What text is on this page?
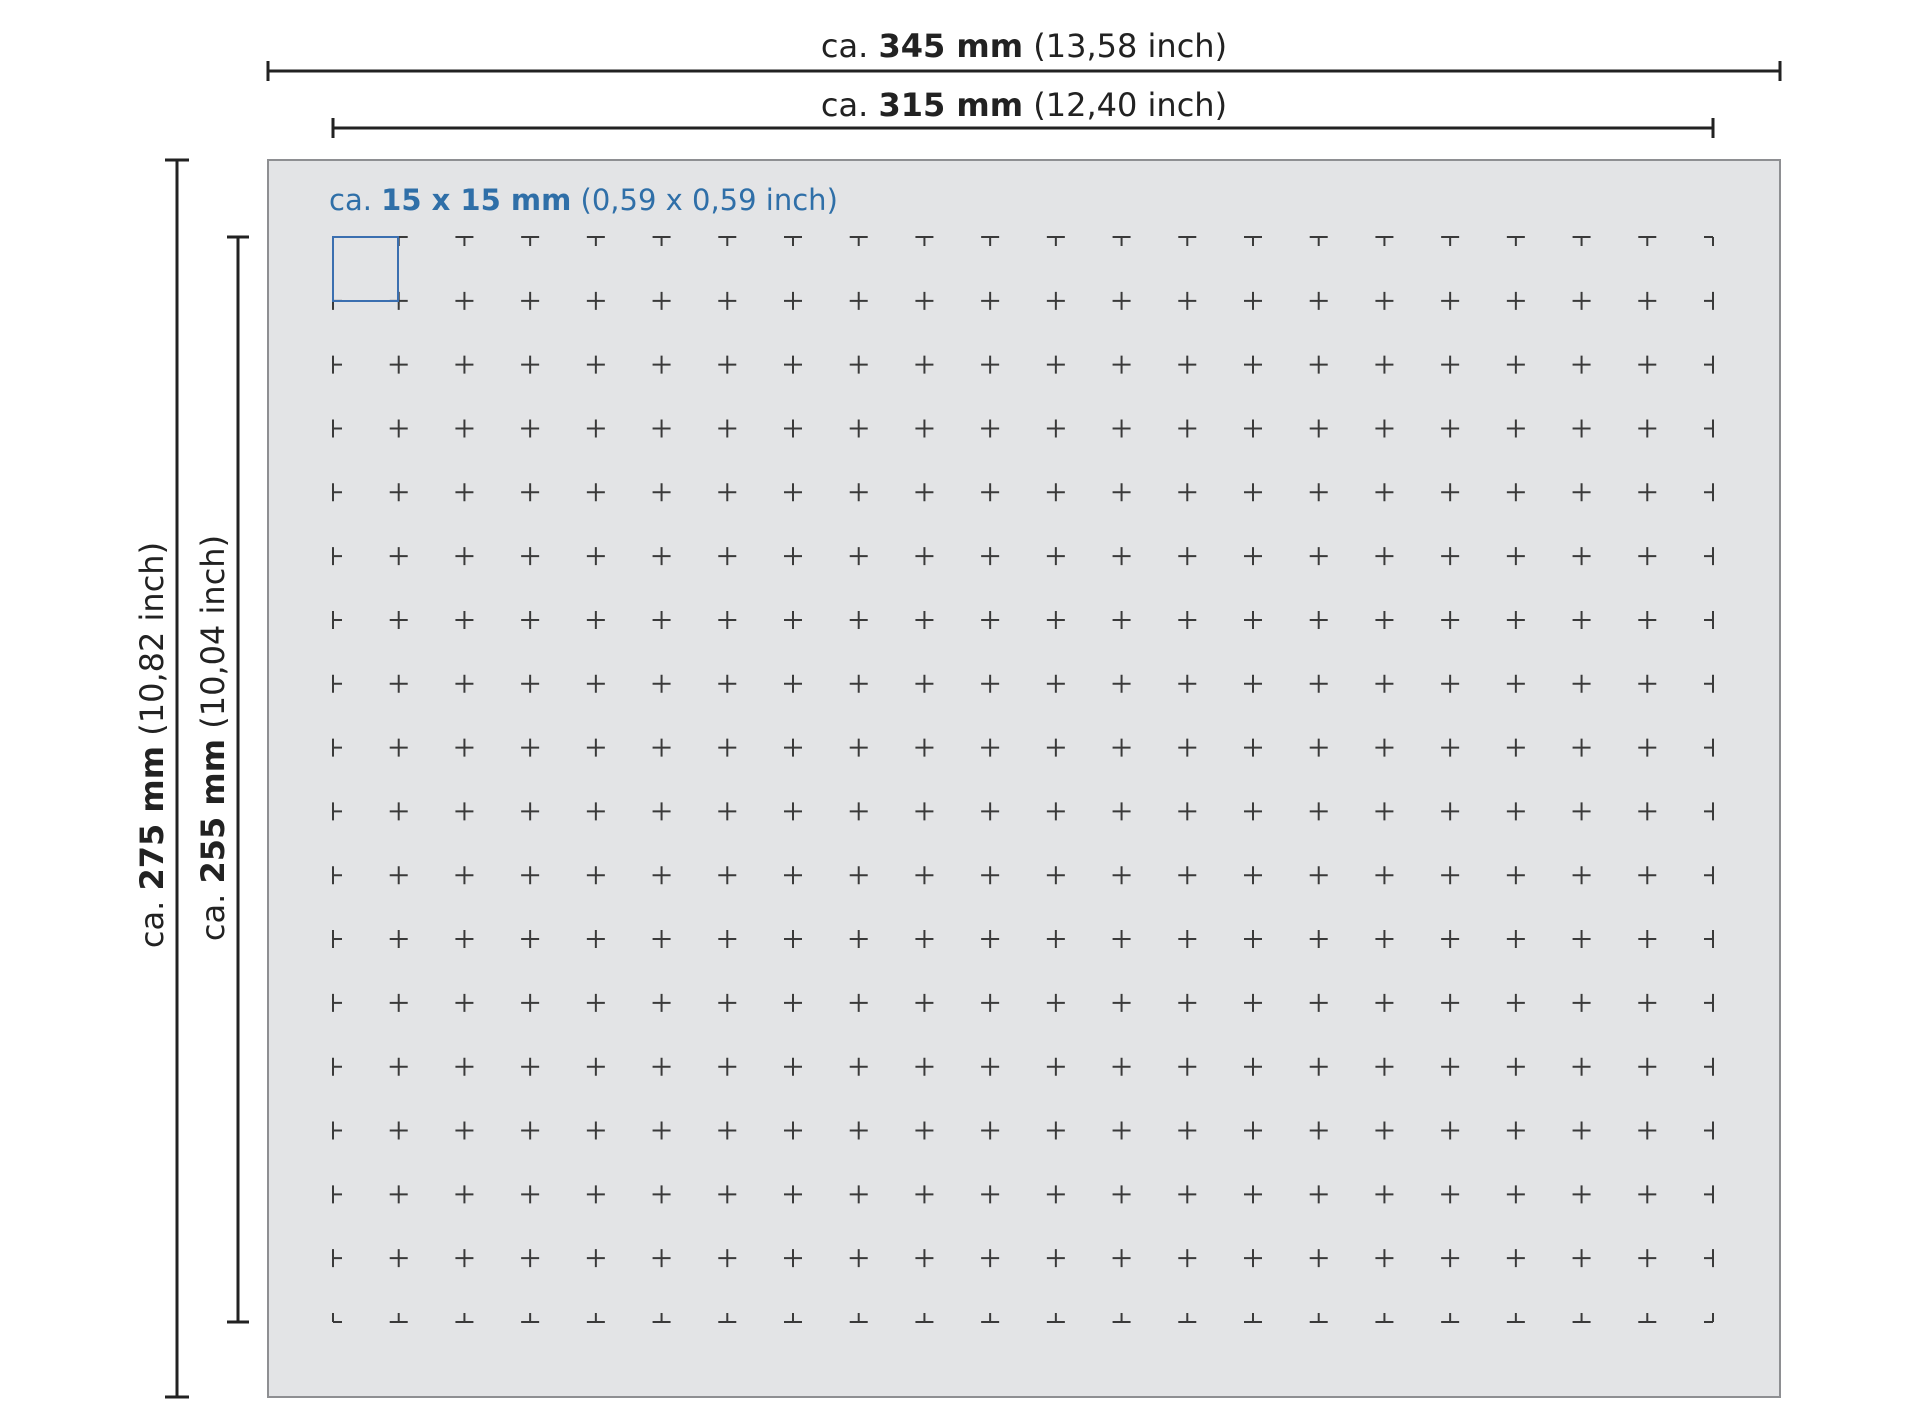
ca. 345 mm (13,58 inch)
ca. 315 mm (12,40 inch)
ca. 275 mm (10,82 inch)
ca. 255 mm (10,04 inch)
ca. 15 x 15 mm (0,59 x 0,59 inch)
